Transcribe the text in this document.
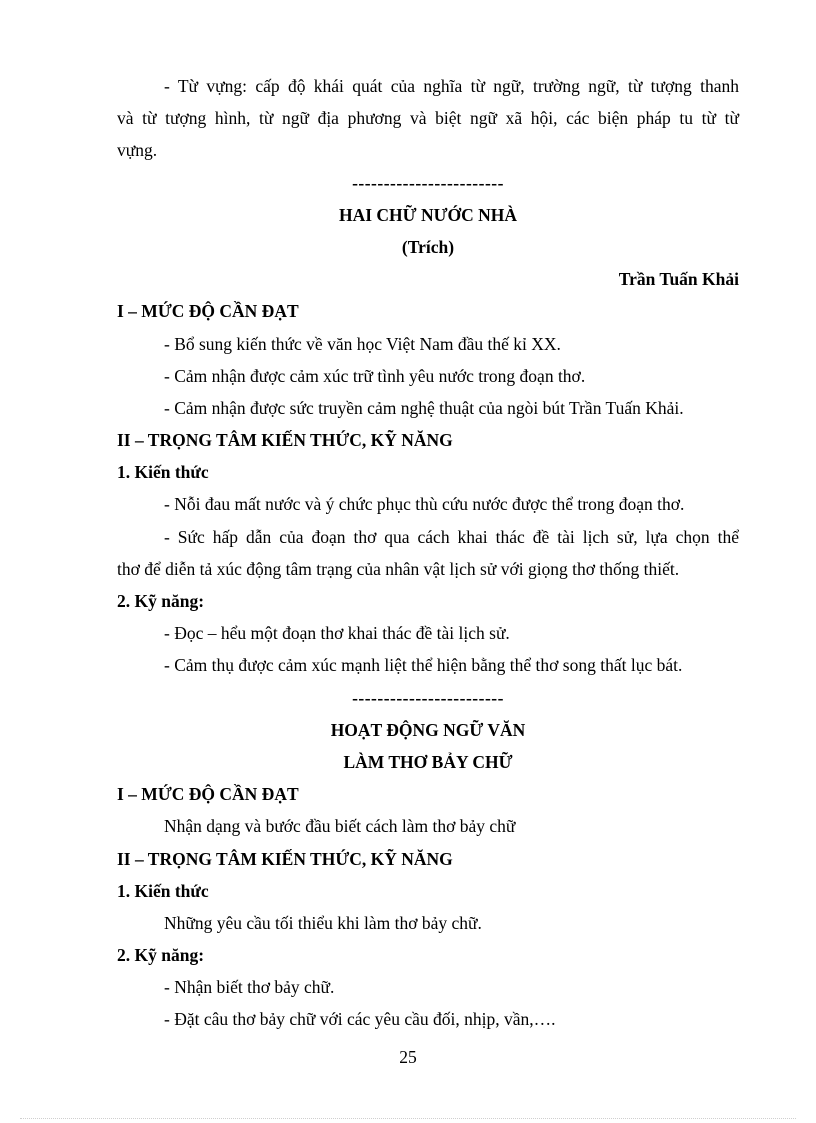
- Từ vựng: cấp độ khái quát của nghĩa từ ngữ, trường ngữ, từ tượng thanh
và từ tượng hình, từ ngữ địa phương và biệt ngữ xã hội, các biện pháp tu từ từ
vựng.
------------------------
HAI CHỮ NƯỚC NHÀ
(Trích)
Trần Tuấn Khải
I – MỨC ĐỘ CẦN ĐẠT
- Bổ sung kiến thức về văn học Việt Nam đầu thế kỉ XX.
- Cảm nhận được cảm xúc trữ tình yêu nước trong đoạn thơ.
- Cảm nhận được sức truyền cảm nghệ thuật của ngòi bút Trần Tuấn Khải.
II – TRỌNG TÂM KIẾN THỨC, KỸ NĂNG
1. Kiến thức
- Nỗi đau mất nước và ý chức phục thù cứu nước được thể trong đoạn thơ.
- Sức hấp dẫn của đoạn thơ qua cách khai thác đề tài lịch sử, lựa chọn thể
thơ để diễn tả xúc động tâm trạng của nhân vật lịch sử với giọng thơ thống thiết.
2. Kỹ năng:
- Đọc – hểu một đoạn thơ khai thác đề tài lịch sử.
- Cảm thụ được cảm xúc mạnh liệt thể hiện bằng thể thơ song thất lục bát.
------------------------
HOẠT ĐỘNG NGỮ VĂN
LÀM THƠ BẢY CHỮ
I – MỨC ĐỘ CẦN ĐẠT
Nhận dạng và bước đầu biết cách làm thơ bảy chữ
II – TRỌNG TÂM KIẾN THỨC, KỸ NĂNG
1. Kiến thức
Những yêu cầu tối thiểu khi làm thơ bảy chữ.
2. Kỹ năng:
- Nhận biết thơ bảy chữ.
- Đặt câu thơ bảy chữ với các yêu cầu đối, nhịp, vần,….
25
